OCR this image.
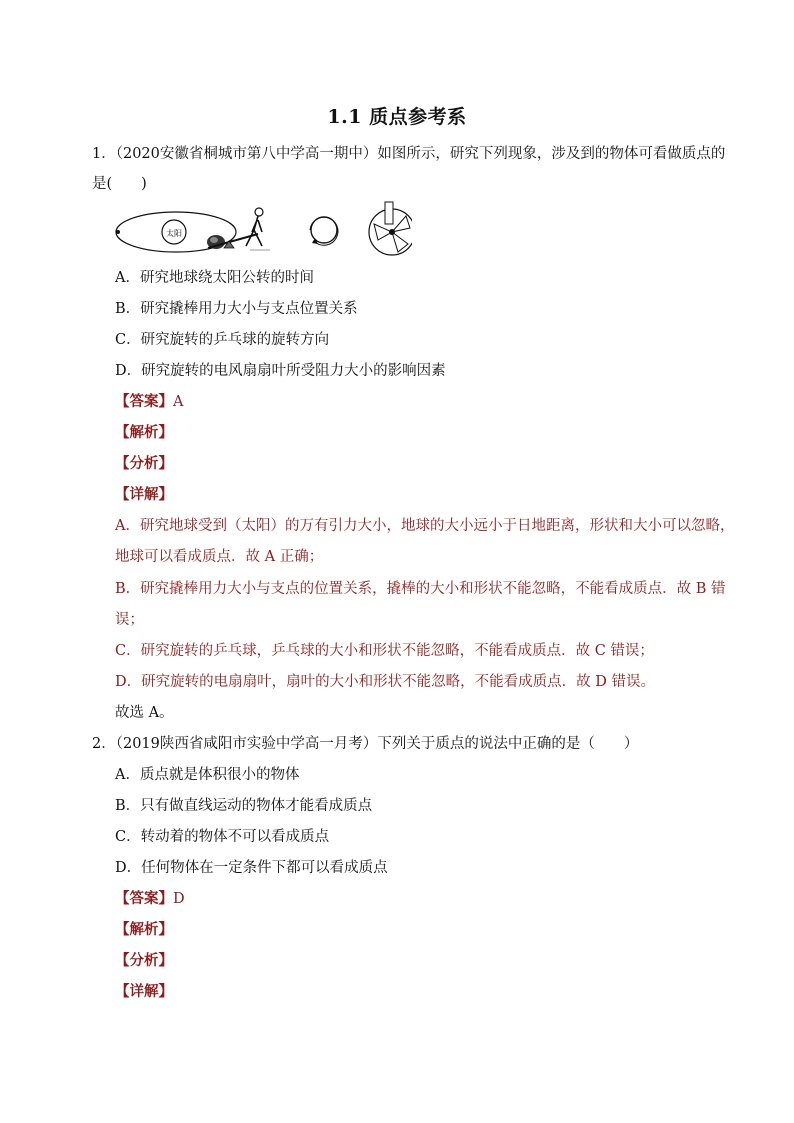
1.1 质点参考系
1．（2020安徽省桐城市第八中学高一期中）如图所示，研究下列现象，涉及到的物体可看做质点的
是(　　)
太阳
A．研究地球绕太阳公转的时间
B．研究撬棒用力大小与支点位置关系
C．研究旋转的乒乓球的旋转方向
D．研究旋转的电风扇扇叶所受阻力大小的影响因素
【答案】A
【解析】
【分析】
【详解】
A．研究地球受到（太阳）的万有引力大小，地球的大小远小于日地距离，形状和大小可以忽略，
地球可以看成质点．故 A 正确；
B．研究撬棒用力大小与支点的位置关系，撬棒的大小和形状不能忽略，不能看成质点．故 B 错
误；
C．研究旋转的乒乓球，乒乓球的大小和形状不能忽略，不能看成质点．故 C 错误；
D．研究旋转的电扇扇叶，扇叶的大小和形状不能忽略，不能看成质点．故 D 错误。
故选 A。
2．（2019陕西省咸阳市实验中学高一月考）下列关于质点的说法中正确的是（　　）
A．质点就是体积很小的物体
B．只有做直线运动的物体才能看成质点
C．转动着的物体不可以看成质点
D．任何物体在一定条件下都可以看成质点
【答案】D
【解析】
【分析】
【详解】
